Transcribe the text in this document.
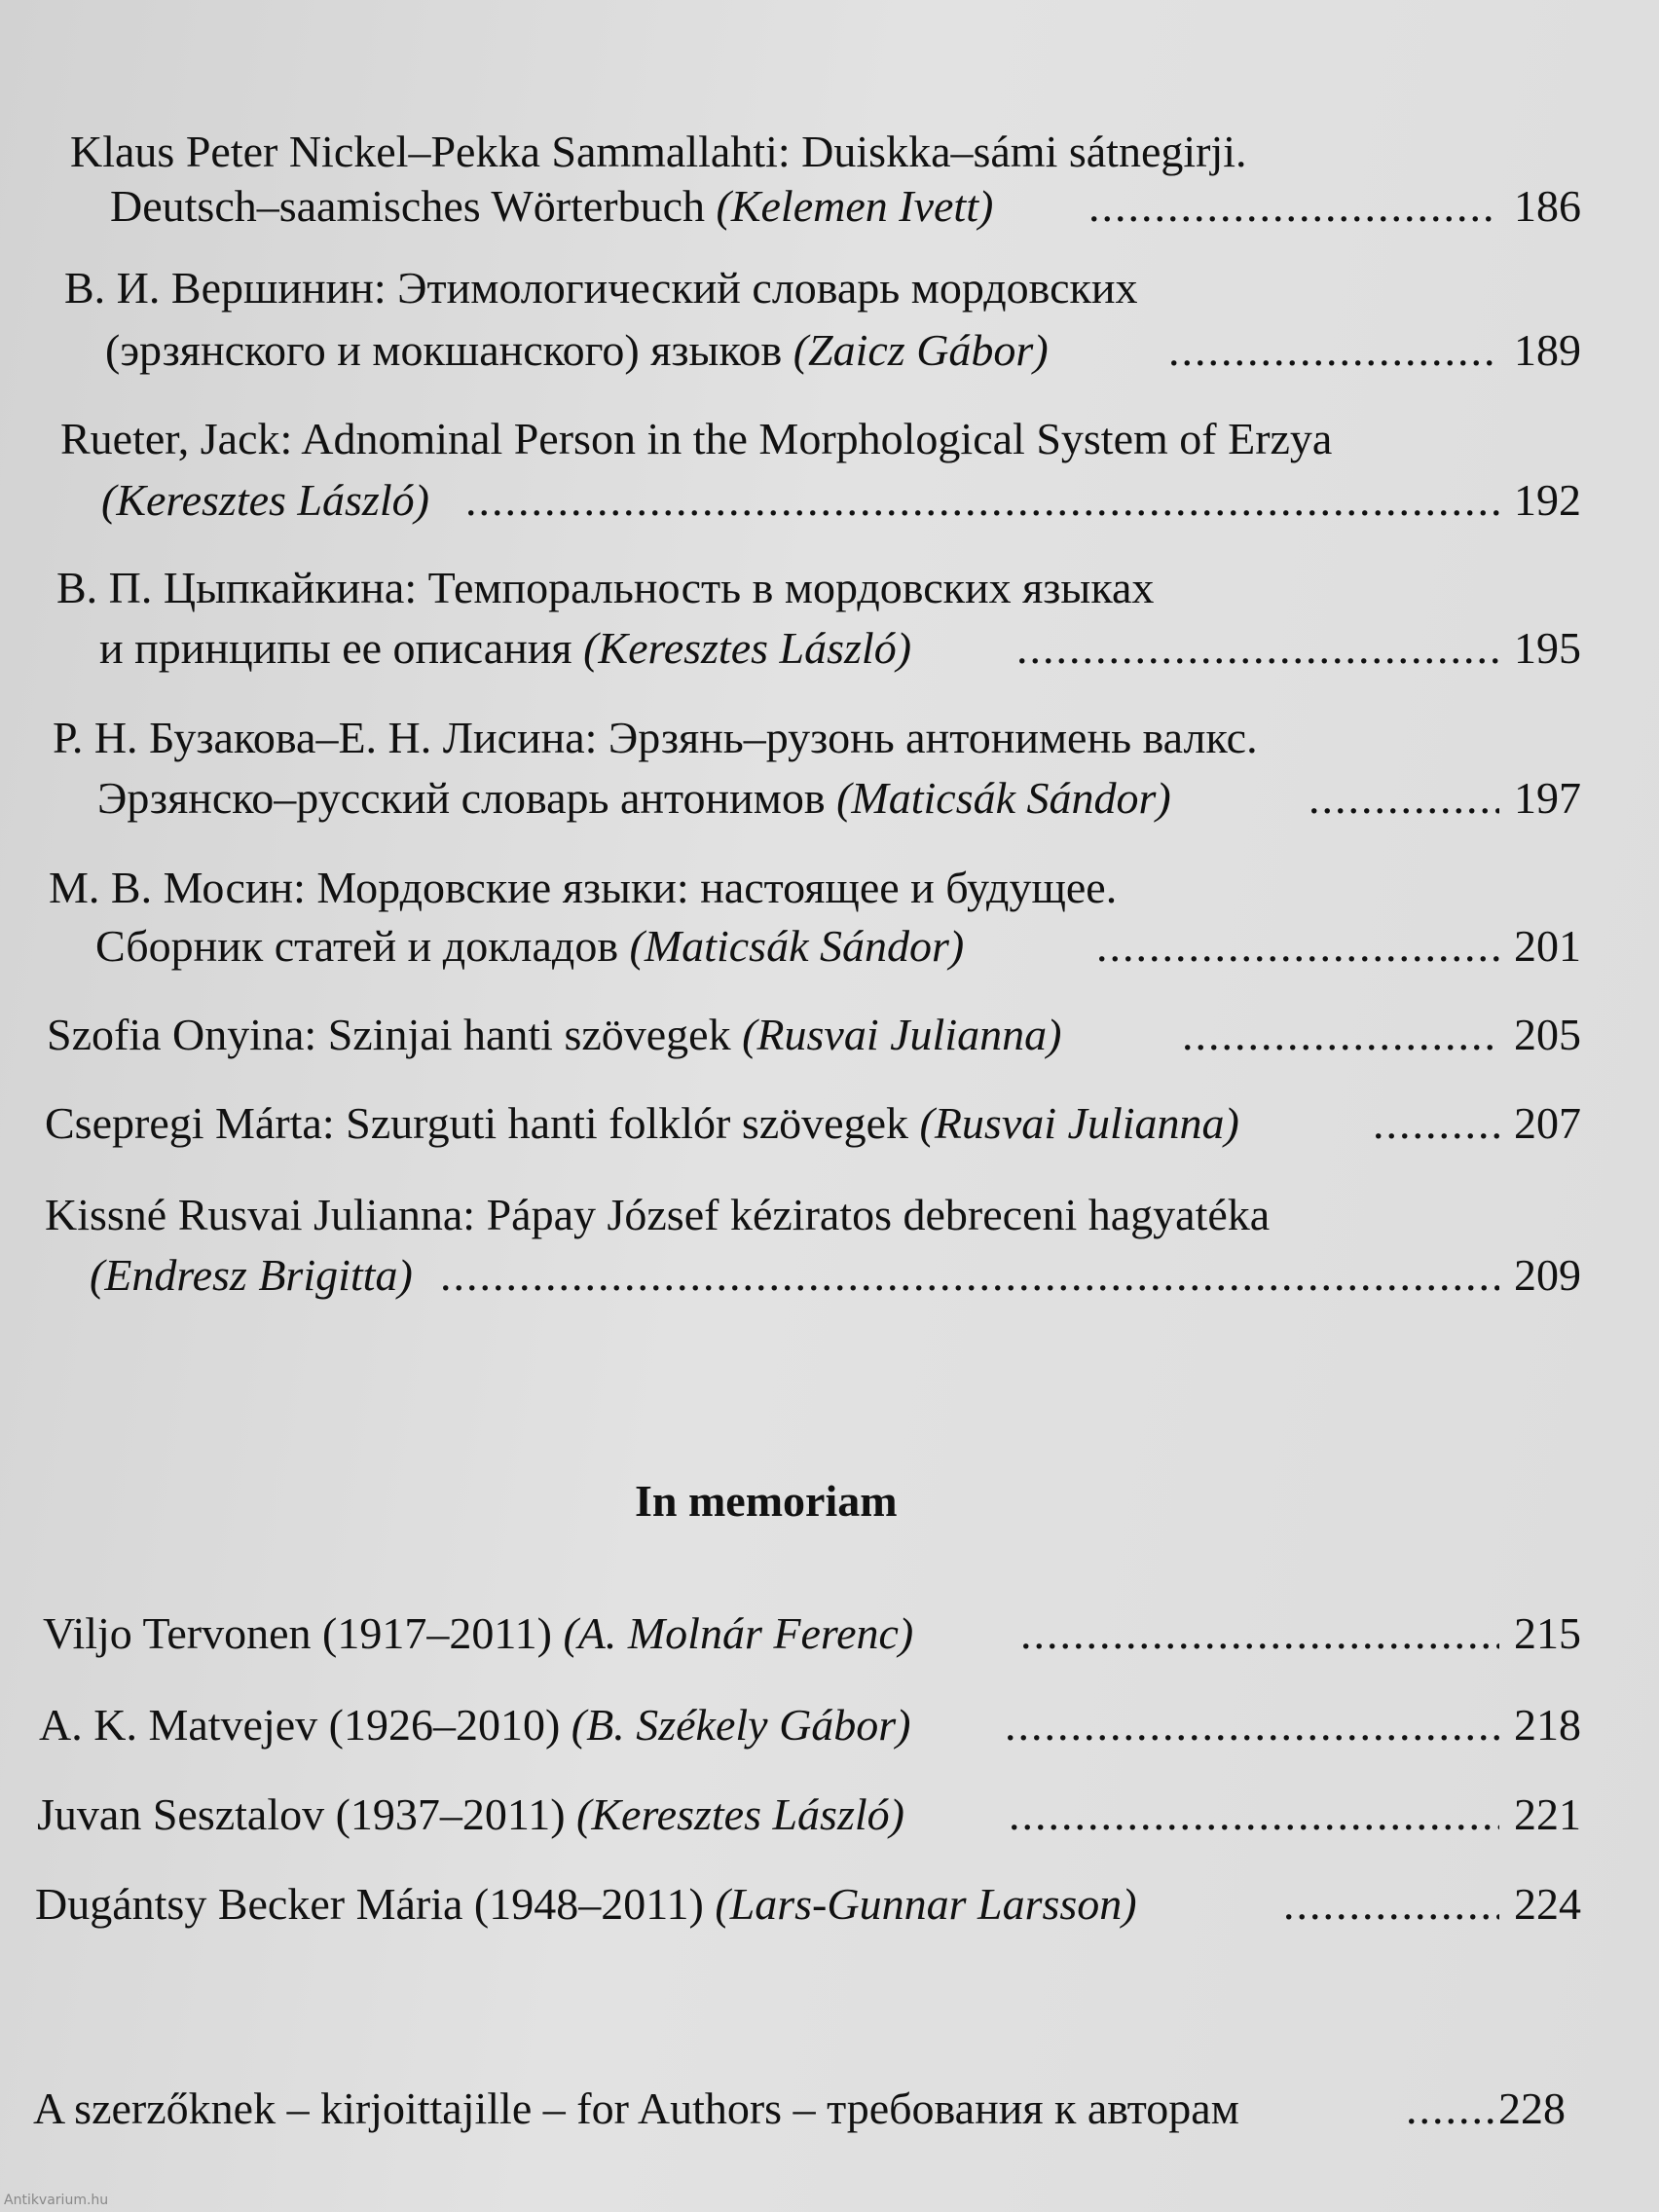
Klaus Peter Nickel–Pekka Sammallahti: Duiskka–sámi sátnegirji.
Deutsch–saamisches Wörterbuch (Kelemen Ivett) .....	186
В. И. Вершинин: Этимологический словарь мордовских
(эрзянского и мокшанского) языков (Zaicz Gábor) .....	189
Rueter, Jack: Adnominal Person in the Morphological System of Erzya
(Keresztes László) .....	192
В. П. Цыпкайкина: Темпоральность в мордовских языках
и принципы ее описания (Keresztes László) .....	195
Р. Н. Бузакова–Е. Н. Лисина: Эрзянь–рузонь антонимень валкс.
Эрзянско–русский словарь антонимов (Maticsák Sándor) .....	197
М. В. Мосин: Мордовские языки: настоящее и будущее.
Сборник статей и докладов (Maticsák Sándor) .....	201
Szofia Onyina: Szinjai hanti szövegek (Rusvai Julianna) .....	205
Csepregi Márta: Szurguti hanti folklór szövegek (Rusvai Julianna) .....	207
Kissné Rusvai Julianna: Pápay József kéziratos debreceni hagyatéka
(Endresz Brigitta) .....	209
In memoriam
Viljo Tervonen (1917–2011) (A. Molnár Ferenc) .....	215
A. K. Matvejev (1926–2010) (B. Székely Gábor) .....	218
Juvan Sesztalov (1937–2011) (Keresztes László) .....	221
Dugántsy Becker Mária (1948–2011) (Lars-Gunnar Larsson) .....	224
A szerzőknek – kirjoittajille – for Authors – требования к авторам .....	228
Antikvarium.hu
